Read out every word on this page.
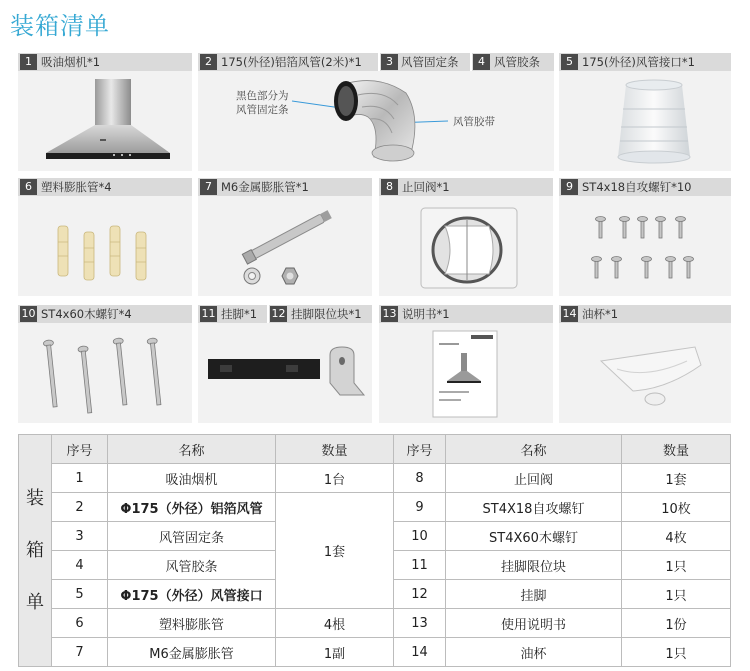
装箱清单
1 吸油烟机*1	2 175(外径)铝箔风管(2米)*1	3 风管固定条	4 风管胶条
黑色部分为
风管固定条
风管胶带
5 175(外径)风管接口*1
6 塑料膨胀管*4	7 M6金属膨胀管*1	8 止回阀*1	9 ST4x18自攻螺钉*10
10 ST4x60木螺钉*4	11 挂脚*1 12 挂脚限位块*1 13 说明书*1	14 油杯*1
装

箱

单	序号	名称	数量	序号	名称	数量
	1	吸油烟机	1台	8	止回阀	1套
	2	Φ175（外径）铝箔风管	1套	9	ST4X18自攻螺钉	10枚
	3	风管固定条		10	ST4X60木螺钉	4枚
	4	风管胶条		11	挂脚限位块	1只
	5	Φ175（外径）风管接口		12	挂脚	1只
	6	塑料膨胀管	4根	13	使用说明书	1份
	7	M6金属膨胀管	1副	14	油杯	1只
